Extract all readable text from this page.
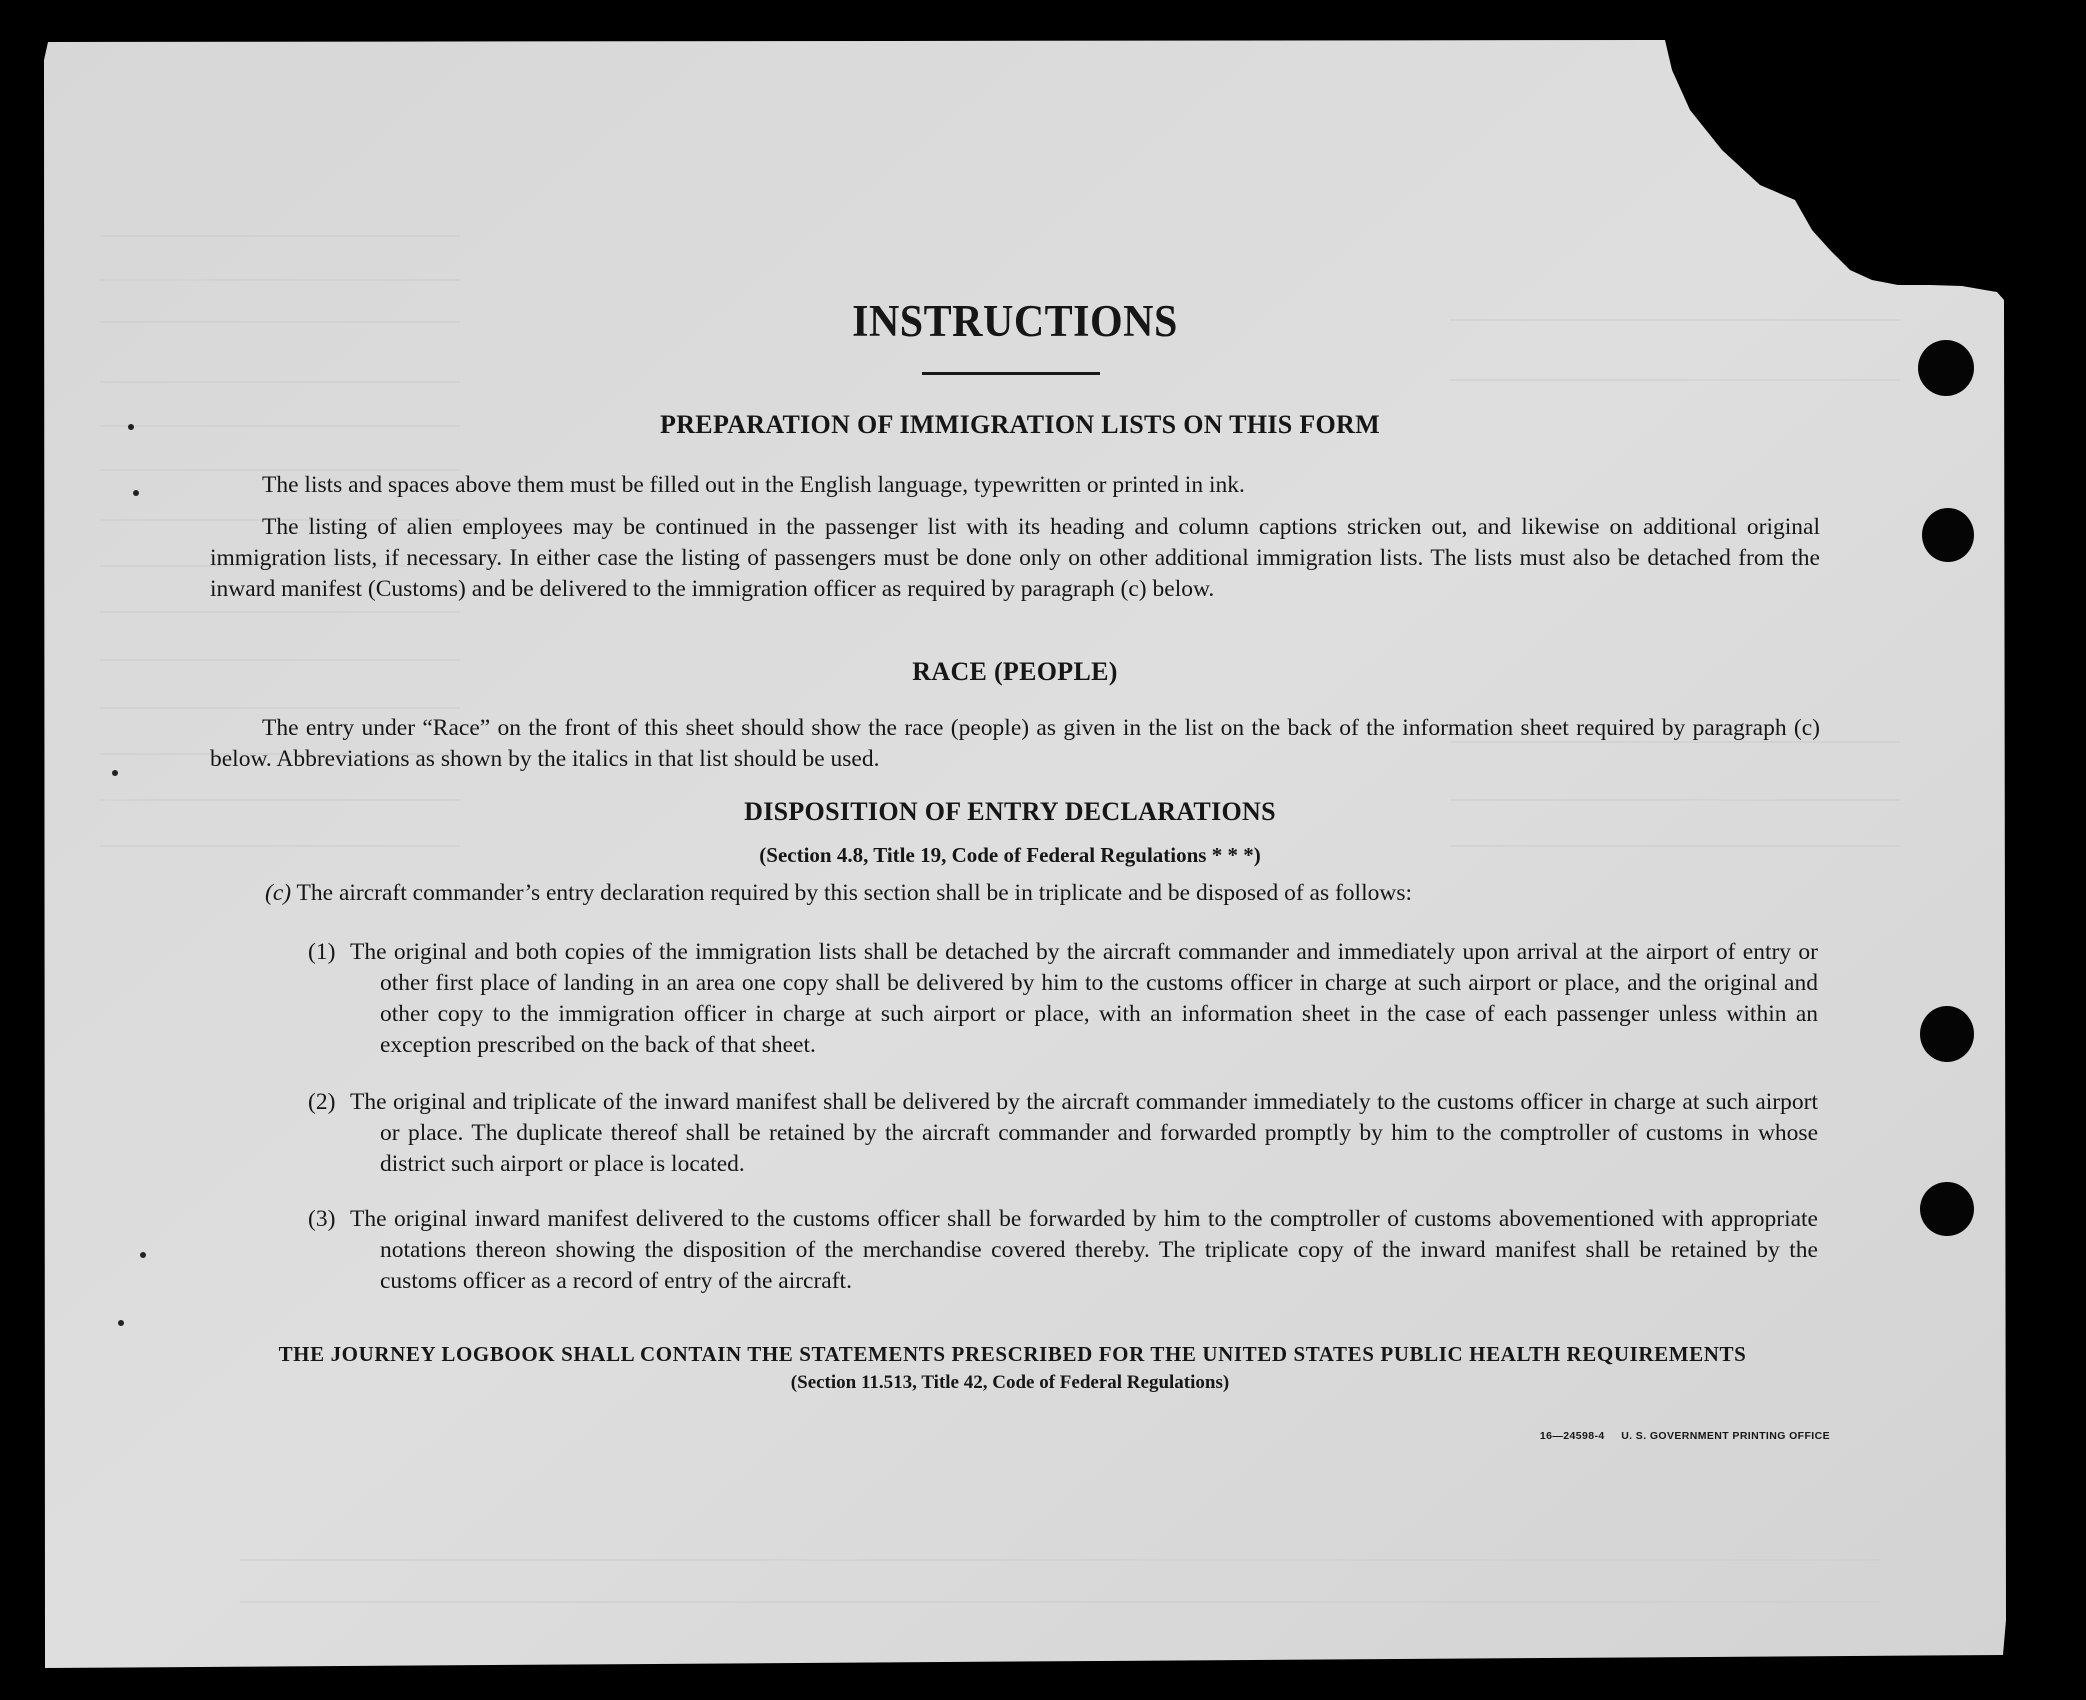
INSTRUCTIONS
PREPARATION OF IMMIGRATION LISTS ON THIS FORM
The lists and spaces above them must be filled out in the English language, typewritten or printed in ink.
The listing of alien employees may be continued in the passenger list with its heading and column captions stricken out, and likewise on additional original immigration lists, if necessary. In either case the listing of passengers must be done only on other additional immigration lists. The lists must also be detached from the inward manifest (Customs) and be delivered to the immigration officer as required by paragraph (c) below.
RACE (PEOPLE)
The entry under “Race” on the front of this sheet should show the race (people) as given in the list on the back of the information sheet required by paragraph (c) below. Abbreviations as shown by the italics in that list should be used.
DISPOSITION OF ENTRY DECLARATIONS
(Section 4.8, Title 19, Code of Federal Regulations * * *)
(c) The aircraft commander’s entry declaration required by this section shall be in triplicate and be disposed of as follows:
(1) The original and both copies of the immigration lists shall be detached by the aircraft commander and immediately upon arrival at the airport of entry or other first place of landing in an area one copy shall be delivered by him to the customs officer in charge at such airport or place, and the original and other copy to the immigration officer in charge at such airport or place, with an information sheet in the case of each passenger unless within an exception prescribed on the back of that sheet.
(2) The original and triplicate of the inward manifest shall be delivered by the aircraft commander immediately to the customs officer in charge at such airport or place. The duplicate thereof shall be retained by the aircraft commander and forwarded promptly by him to the comptroller of customs in whose district such airport or place is located.
(3) The original inward manifest delivered to the customs officer shall be forwarded by him to the comptroller of customs abovementioned with appropriate notations thereon showing the disposition of the merchandise covered thereby. The triplicate copy of the inward manifest shall be retained by the customs officer as a record of entry of the aircraft.
THE JOURNEY LOGBOOK SHALL CONTAIN THE STATEMENTS PRESCRIBED FOR THE UNITED STATES PUBLIC HEALTH REQUIREMENTS
(Section 11.513, Title 42, Code of Federal Regulations)
16—24598-4     U. S. GOVERNMENT PRINTING OFFICE
